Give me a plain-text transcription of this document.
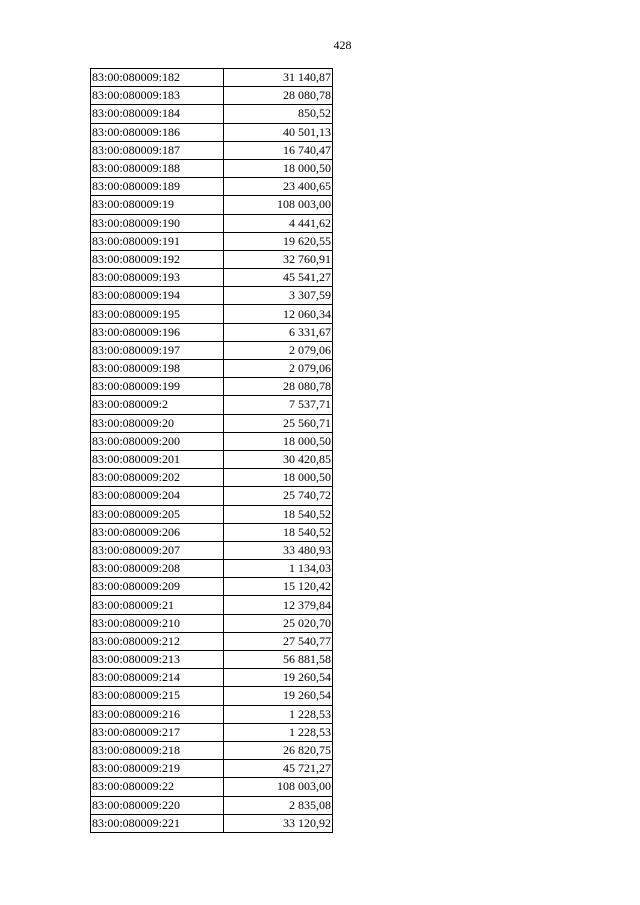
428
83:00:080009:182	31 140,87
83:00:080009:183	28 080,78
83:00:080009:184	850,52
83:00:080009:186	40 501,13
83:00:080009:187	16 740,47
83:00:080009:188	18 000,50
83:00:080009:189	23 400,65
83:00:080009:19	108 003,00
83:00:080009:190	4 441,62
83:00:080009:191	19 620,55
83:00:080009:192	32 760,91
83:00:080009:193	45 541,27
83:00:080009:194	3 307,59
83:00:080009:195	12 060,34
83:00:080009:196	6 331,67
83:00:080009:197	2 079,06
83:00:080009:198	2 079,06
83:00:080009:199	28 080,78
83:00:080009:2	7 537,71
83:00:080009:20	25 560,71
83:00:080009:200	18 000,50
83:00:080009:201	30 420,85
83:00:080009:202	18 000,50
83:00:080009:204	25 740,72
83:00:080009:205	18 540,52
83:00:080009:206	18 540,52
83:00:080009:207	33 480,93
83:00:080009:208	1 134,03
83:00:080009:209	15 120,42
83:00:080009:21	12 379,84
83:00:080009:210	25 020,70
83:00:080009:212	27 540,77
83:00:080009:213	56 881,58
83:00:080009:214	19 260,54
83:00:080009:215	19 260,54
83:00:080009:216	1 228,53
83:00:080009:217	1 228,53
83:00:080009:218	26 820,75
83:00:080009:219	45 721,27
83:00:080009:22	108 003,00
83:00:080009:220	2 835,08
83:00:080009:221	33 120,92
